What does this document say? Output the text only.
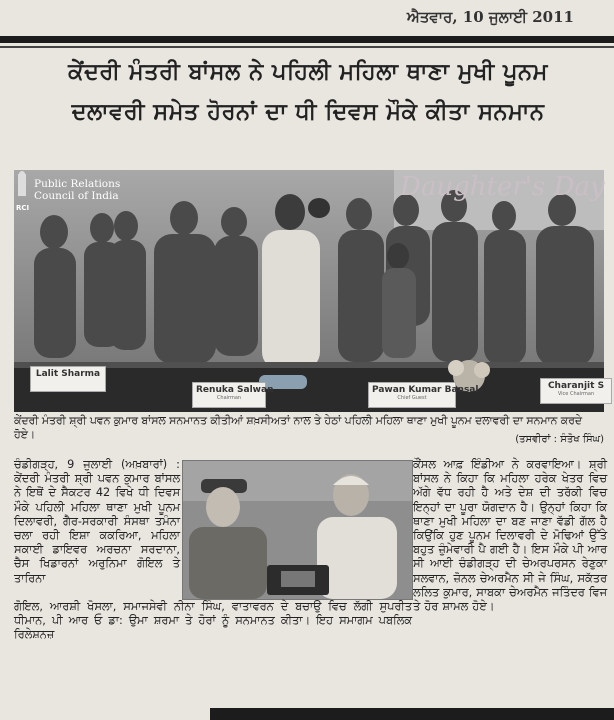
ਐਤਵਾਰ, 10 ਜੁਲਾਈ 2011
ਕੇਂਦਰੀ ਮੰਤਰੀ ਬਾਂਸਲ ਨੇ ਪਹਿਲੀ ਮਹਿਲਾ ਥਾਣਾ ਮੁਖੀ ਪੂਨਮ
ਦਲਾਵਰੀ ਸਮੇਤ ਹੋਰਨਾਂ ਦਾ ਧੀ ਦਿਵਸ ਮੌਕੇ ਕੀਤਾ ਸਨਮਾਨ
Daughter's Day
Public Relations
Council of India
RCI
Lalit Sharma
Renuka Salwan
Chairman
Pawan Kumar Bansal
Chief Guest
Charanjit S
Vice Chairman
ਕੇਂਦਰੀ ਮੰਤਰੀ ਸ਼੍ਰੀ ਪਵਨ ਕੁਮਾਰ ਬਾਂਸਲ ਸਨਮਾਨਤ ਕੀਤੀਆਂ ਸ਼ਖ਼ਸੀਅਤਾਂ ਨਾਲ ਤੇ ਹੇਠਾਂ ਪਹਿਲੀ ਮਹਿਲਾ ਥਾਣਾ ਮੁਖੀ ਪੂਨਮ ਦਲਾਵਰੀ ਦਾ ਸਨਮਾਨ ਕਰਦੇ ਹੋਏ।	(ਤਸਵੀਰਾਂ : ਸੰਤੋਖ ਸਿੰਘ)
ਚੰਡੀਗੜ੍ਹ, 9 ਜੁਲਾਈ (ਅਖ਼ਬਾਰਾਂ) : ਕੇਂਦਰੀ ਮੰਤਰੀ ਸ਼੍ਰੀ ਪਵਨ ਕੁਮਾਰ ਬਾਂਸਲ ਨੇ ਇਥੋਂ ਦੇ ਸੈਕਟਰ 42 ਵਿਖੇ ਧੀ ਦਿਵਸ ਮੌਕੇ ਪਹਿਲੀ ਮਹਿਲਾ ਥਾਣਾ ਮੁਖੀ ਪੂਨਮ ਦਿਲਾਵਰੀ, ਗੈਰ-ਸਰਕਾਰੀ ਸੰਸਥਾ ਤਮੰਨਾ ਚਲਾ ਰਹੀ ਇਸ਼ਾ ਕਕਰਿਆ, ਮਹਿਲਾ ਸਕਾਈ ਡਾਇਵਰ ਅਰਚਨਾ ਸਰਦਾਨਾ, ਚੈਸ ਖਿਡਾਰਨਾਂ ਅਰੁਨਿਮਾ ਗੋਇਲ ਤੇ ਤਾਰਿਨਾ
ਗੋਇਲ, ਆਰਸ਼ੀ ਖੋਸਲਾ, ਸਮਾਜਸੇਵੀ ਨੀਨਾ ਸਿੰਘ, ਵਾਤਾਵਰਨ ਦੇ ਬਚਾਉ ਵਿਚ ਲੱਗੀ ਸੁਪਰੀਤ ਧੀਮਾਨ, ਪੀ ਆਰ ਓ ਡਾ: ਉਮਾ ਸ਼ਰਮਾ ਤੇ ਹੋਰਾਂ ਨੂੰ ਸਨਮਾਨਤ ਕੀਤਾ। ਇਹ ਸਮਾਗਮ ਪਬਲਿਕ ਰਿਲੇਸ਼ਨਜ਼
ਕੌਂਸਲ ਆਫ਼ ਇੰਡੀਆ ਨੇ ਕਰਵਾਇਆ। ਸ਼੍ਰੀ ਬਾਂਸਲ ਨੇ ਕਿਹਾ ਕਿ ਮਹਿਲਾ ਹਰੇਕ ਖੇਤਰ ਵਿਚ ਅੱਗੇ ਵੱਧ ਰਹੀ ਹੈ ਅਤੇ ਦੇਸ਼ ਦੀ ਤਰੱਕੀ ਵਿਚ ਇਨ੍ਹਾਂ ਦਾ ਪੂਰਾ ਯੋਗਦਾਨ ਹੈ। ਉਨ੍ਹਾਂ ਕਿਹਾ ਕਿ ਥਾਣਾ ਮੁਖੀ ਮਹਿਲਾ ਦਾ ਬਣ ਜਾਣਾ ਵੱਡੀ ਗੱਲ ਹੈ ਕਿਉਂਕਿ ਹੁਣ ਪੂਨਮ ਦਿਲਾਵਰੀ ਦੇ ਮੋਢਿਆਂ ਉੱਤੇ ਬਹੁਤ ਜ਼ੁੰਮੇਵਾਰੀ ਪੈ ਗਈ ਹੈ। ਇਸ ਮੌਕੇ ਪੀ ਆਰ ਸੀ ਆਈ ਚੰਡੀਗੜ੍ਹ ਦੀ ਚੇਅਰਪਰਸਨ ਰੇਣੁਕਾ ਸਲਵਾਨ, ਜ਼ੋਨਲ ਚੇਅਰਮੈਨ ਸੀ ਜੇ ਸਿੰਘ, ਸਕੱਤਰ ਲਲਿਤ ਕੁਮਾਰ, ਸਾਬਕਾ ਚੇਅਰਮੈਨ ਜਤਿੰਦਰ ਵਿਜ ਤੇ ਹੋਰ ਸ਼ਾਮਲ ਹੋਏ।
